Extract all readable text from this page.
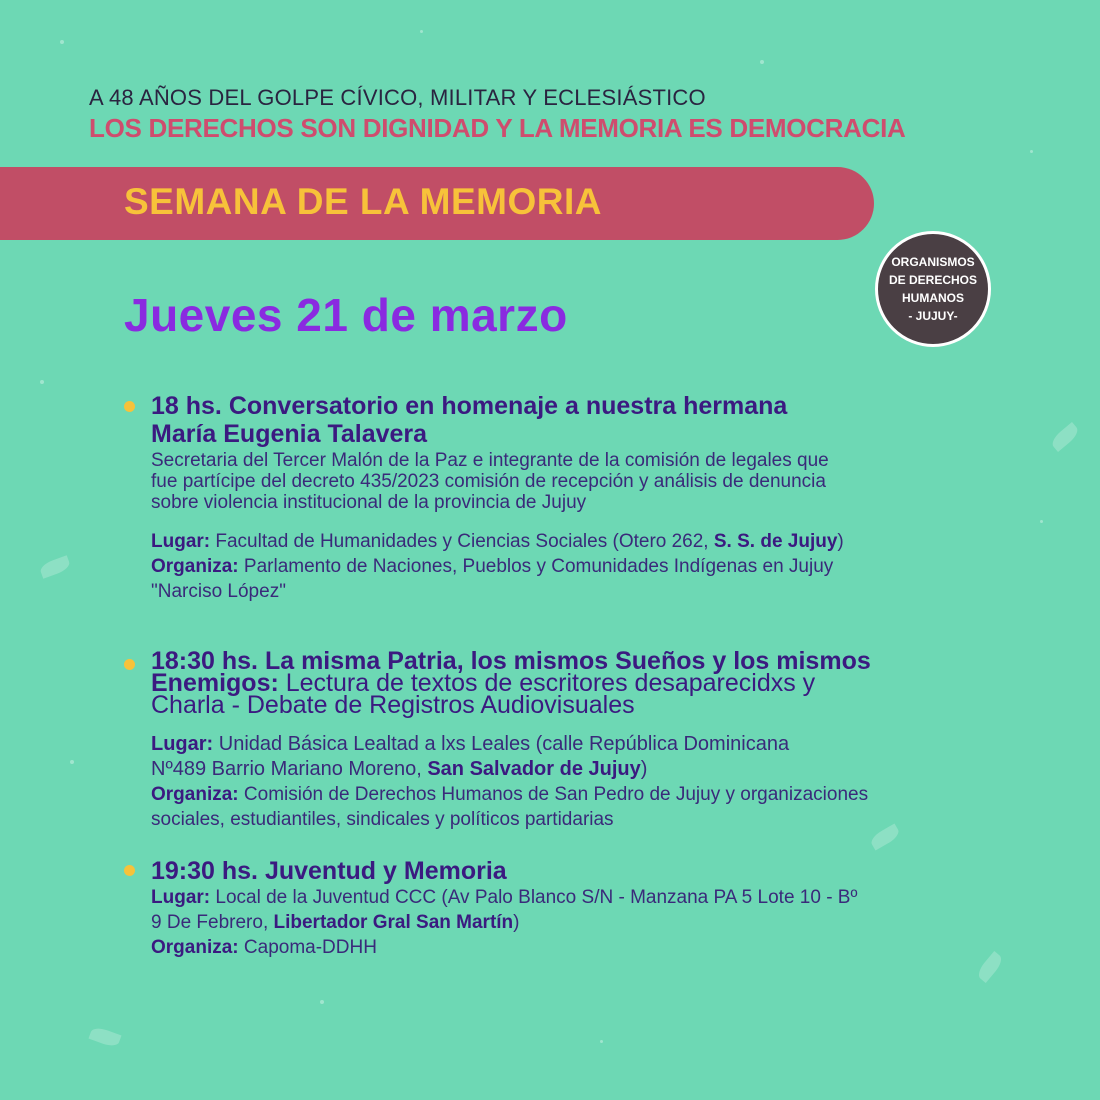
A 48 AÑOS DEL GOLPE CÍVICO, MILITAR Y ECLESIÁSTICO
LOS DERECHOS SON DIGNIDAD Y LA MEMORIA ES DEMOCRACIA
SEMANA DE LA MEMORIA
ORGANISMOS
DE DERECHOS
HUMANOS
- JUJUY-
Jueves 21 de marzo
18 hs. Conversatorio en homenaje a nuestra hermana
María Eugenia Talavera
Secretaria del Tercer Malón de la Paz e integrante de la comisión de legales que
fue partícipe del decreto 435/2023 comisión de recepción y análisis de denuncia
sobre violencia institucional de la provincia de Jujuy
Lugar: Facultad de Humanidades y Ciencias Sociales (Otero 262, S. S. de Jujuy)
Organiza: Parlamento de Naciones, Pueblos y Comunidades Indígenas en Jujuy
"Narciso López"
18:30 hs. La misma Patria, los mismos Sueños y los mismos
Enemigos: Lectura de textos de escritores desaparecidxs y
Charla - Debate de Registros Audiovisuales
Lugar: Unidad Básica Lealtad a lxs Leales (calle República Dominicana
Nº489 Barrio Mariano Moreno, San Salvador de Jujuy)
Organiza: Comisión de Derechos Humanos de San Pedro de Jujuy y organizaciones
sociales, estudiantiles, sindicales y políticos partidarias
19:30 hs. Juventud y Memoria
Lugar: Local de la Juventud CCC (Av Palo Blanco S/N - Manzana PA 5 Lote 10 - Bº
9 De Febrero, Libertador Gral San Martín)
Organiza: Capoma-DDHH
